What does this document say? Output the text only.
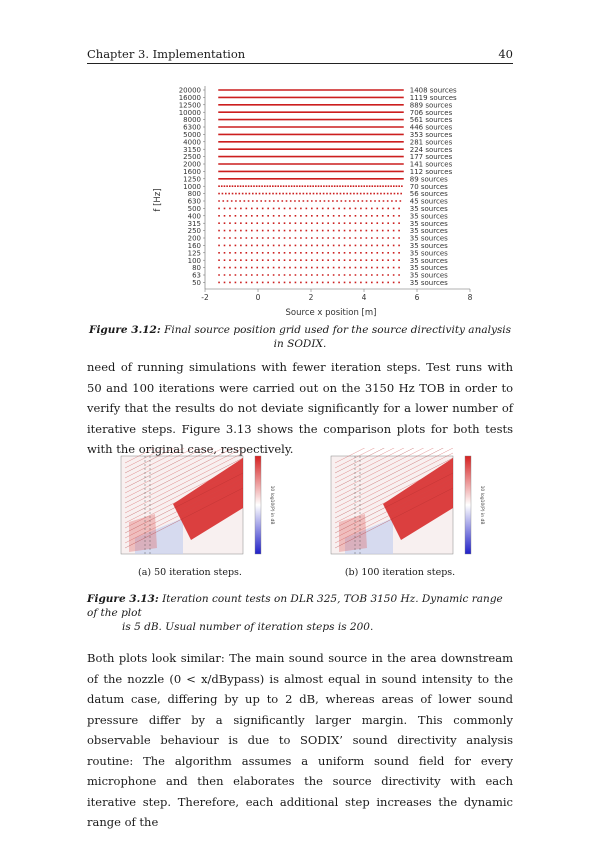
Chapter 3. Implementation	40
f [Hz]
20000	1408 sources
16000	1119 sources
12500	889 sources
10000	706 sources
8000	561 sources
6300	446 sources
5000	353 sources
4000	281 sources
3150	224 sources
2500	177 sources
2000	141 sources
1600	112 sources
1250	89 sources
1000	70 sources
800	56 sources
630	45 sources
500	35 sources
400	35 sources
315	35 sources
250	35 sources
200	35 sources
160	35 sources
125	35 sources
100	35 sources
80	35 sources
63	35 sources
50	35 sources
-2	0	2	4	6	8
Source x position [m]
Figure 3.12: Final source position grid used for the source directivity analysis in SODIX.
need of running simulations with fewer iteration steps. Test runs with 50 and 100 iterations were carried out on the 3150 Hz TOB in order to verify that the results do not deviate significantly for a lower number of iterative steps. Figure 3.13 shows the comparison plots for both tests with the original case, respectively.
10 log10(P) in dB	10 log10(P) in dB
(a) 50 iteration steps.	(b) 100 iteration steps.
Figure 3.13: Iteration count tests on DLR 325, TOB 3150 Hz. Dynamic range of the plot
is 5 dB. Usual number of iteration steps is 200.
Both plots look similar: The main sound source in the area downstream of the nozzle (0 < x/dBypass) is almost equal in sound intensity to the datum case, differing by up to 2 dB, whereas areas of lower sound pressure differ by a significantly larger margin. This commonly observable behaviour is due to SODIX’ sound directivity analysis routine: The algorithm assumes a uniform sound field for every microphone and then elaborates the source directivity with each iterative step. Therefore, each additional step increases the dynamic range of the
